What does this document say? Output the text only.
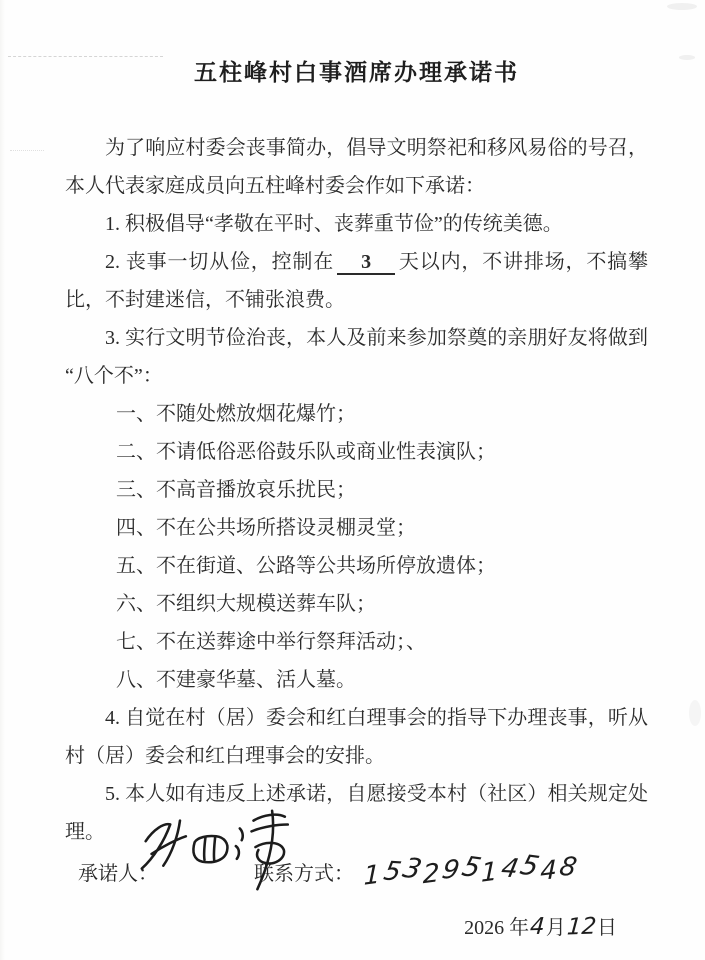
五柱峰村白事酒席办理承诺书

为了响应村委会丧事简办，倡导文明祭祀和移风易俗的号召，本人代表家庭成员向五柱峰村委会作如下承诺：

1. 积极倡导“孝敬在平时、丧葬重节俭”的传统美德。

2. 丧事一切从俭，控制在 3 天以内，不讲排场，不搞攀比，不封建迷信，不铺张浪费。

3. 实行文明节俭治丧，本人及前来参加祭奠的亲朋好友将做到“八个不”：

一、不随处燃放烟花爆竹；

二、不请低俗恶俗鼓乐队或商业性表演队；

三、不高音播放哀乐扰民；

四、不在公共场所搭设灵棚灵堂；

五、不在街道、公路等公共场所停放遗体；

六、不组织大规模送葬车队；

七、不在送葬途中举行祭拜活动；、

八、不建豪华墓、活人墓。

4. 自觉在村（居）委会和红白理事会的指导下办理丧事，听从村（居）委会和红白理事会的安排。

5. 本人如有违反上述承诺，自愿接受本村（社区）相关规定处理。

承诺人：	联系方式： 15329514548
2026 年4月12日
